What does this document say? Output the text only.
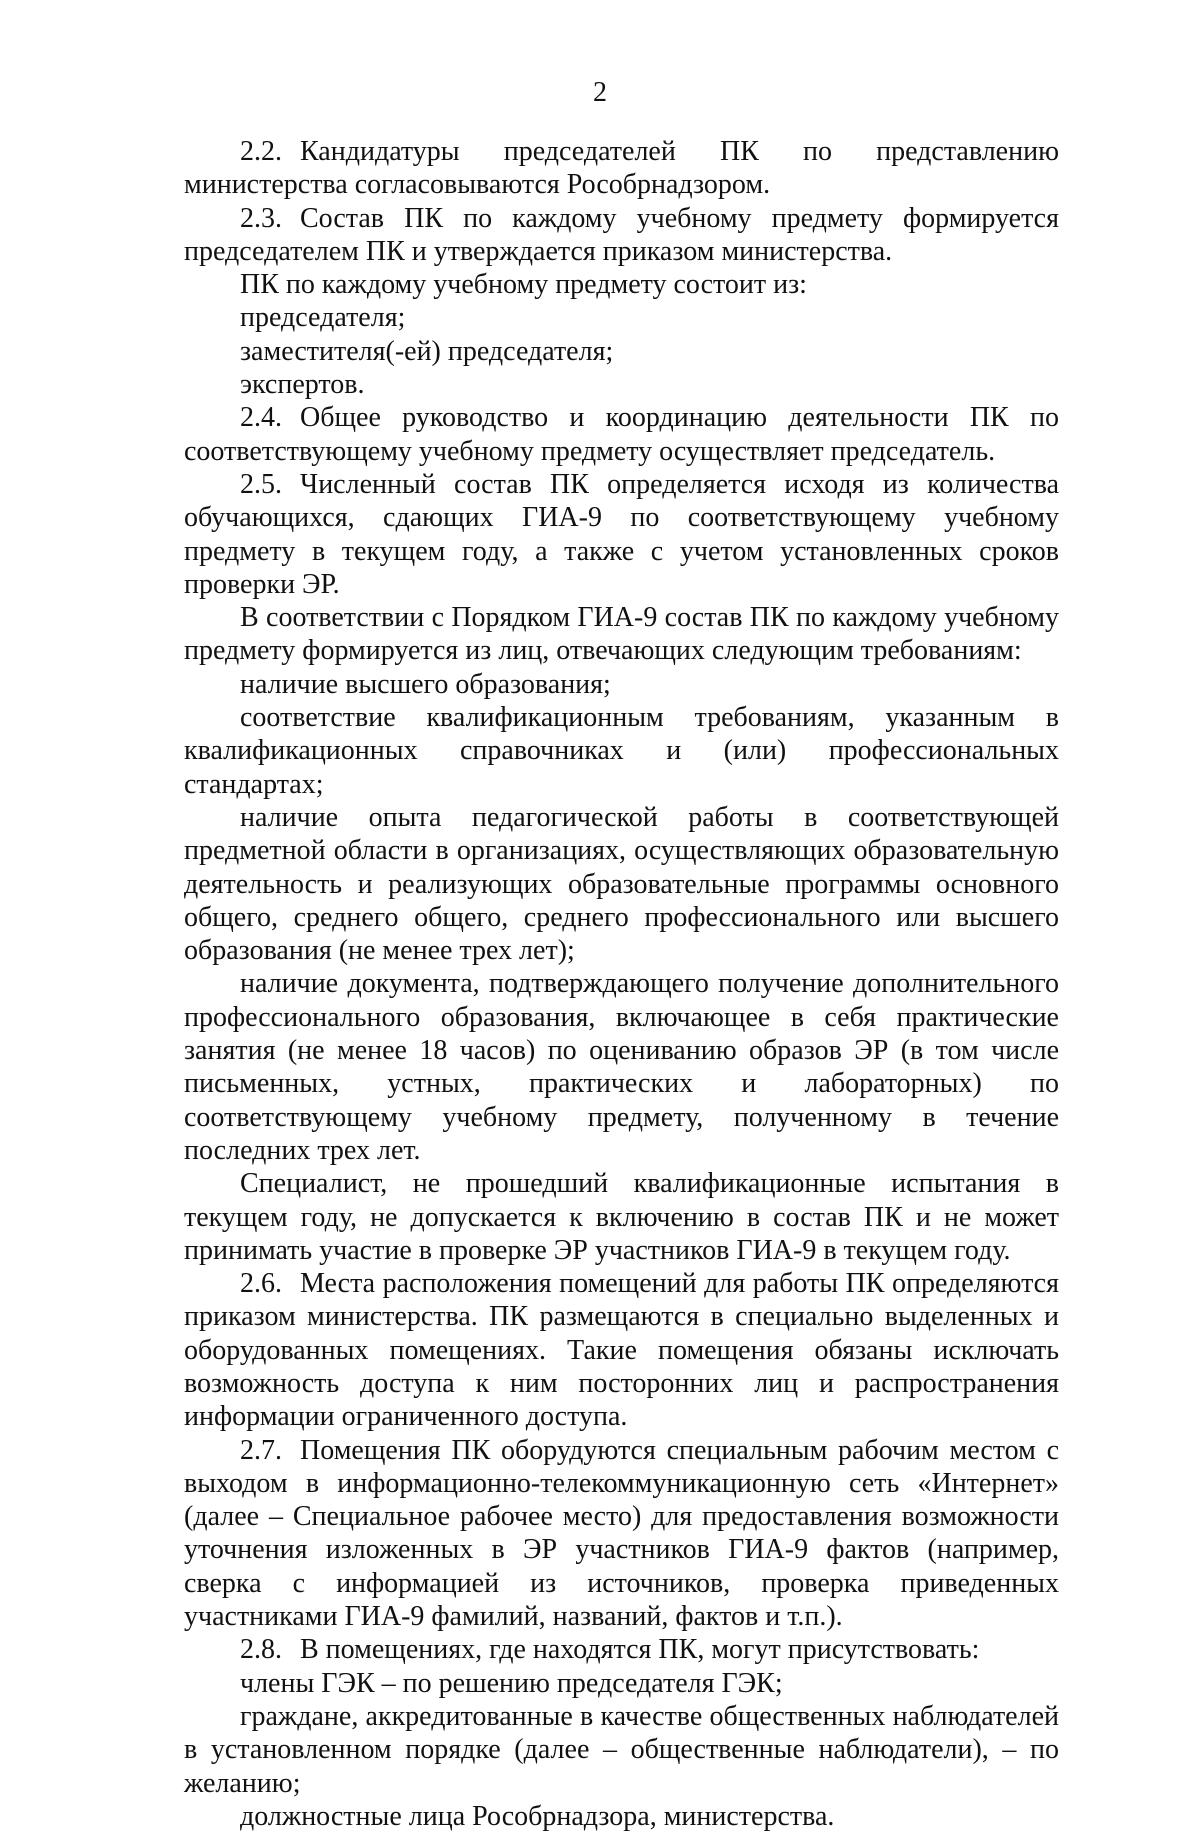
2

2.2. Кандидатуры председателей ПК по представлению министерства согласовываются Рособрнадзором.

2.3. Состав ПК по каждому учебному предмету формируется председателем ПК и утверждается приказом министерства.

ПК по каждому учебному предмету состоит из:

председателя;

заместителя(-ей) председателя;

экспертов.

2.4. Общее руководство и координацию деятельности ПК по соответствующему учебному предмету осуществляет председатель.

2.5. Численный состав ПК определяется исходя из количества обучающихся, сдающих ГИА-9 по соответствующему учебному предмету в текущем году, а также с учетом установленных сроков проверки ЭР.

В соответствии с Порядком ГИА-9 состав ПК по каждому учебному предмету формируется из лиц, отвечающих следующим требованиям:

наличие высшего образования;

соответствие квалификационным требованиям, указанным в квалификационных справочниках и (или) профессиональных стандартах;

наличие опыта педагогической работы в соответствующей предметной области в организациях, осуществляющих образовательную деятельность и реализующих образовательные программы основного общего, среднего общего, среднего профессионального или высшего образования (не менее трех лет);

наличие документа, подтверждающего получение дополнительного профессионального образования, включающее в себя практические занятия (не менее 18 часов) по оцениванию образов ЭР (в том числе письменных, устных, практических и лабораторных) по соответствующему учебному предмету, полученному в течение последних трех лет.

Специалист, не прошедший квалификационные испытания в текущем году, не допускается к включению в состав ПК и не может принимать участие в проверке ЭР участников ГИА-9 в текущем году.

2.6. Места расположения помещений для работы ПК определяются приказом министерства. ПК размещаются в специально выделенных и оборудованных помещениях. Такие помещения обязаны исключать возможность доступа к ним посторонних лиц и распространения информации ограниченного доступа.

2.7. Помещения ПК оборудуются специальным рабочим местом с выходом в информационно-телекоммуникационную сеть «Интернет» (далее – Специальное рабочее место) для предоставления возможности уточнения изложенных в ЭР участников ГИА-9 фактов (например, сверка с информацией из источников, проверка приведенных участниками ГИА-9 фамилий, названий, фактов и т.п.).

2.8. В помещениях, где находятся ПК, могут присутствовать:

члены ГЭК – по решению председателя ГЭК;

граждане, аккредитованные в качестве общественных наблюдателей в установленном порядке (далее – общественные наблюдатели), – по желанию;

должностные лица Рособрнадзора, министерства.
